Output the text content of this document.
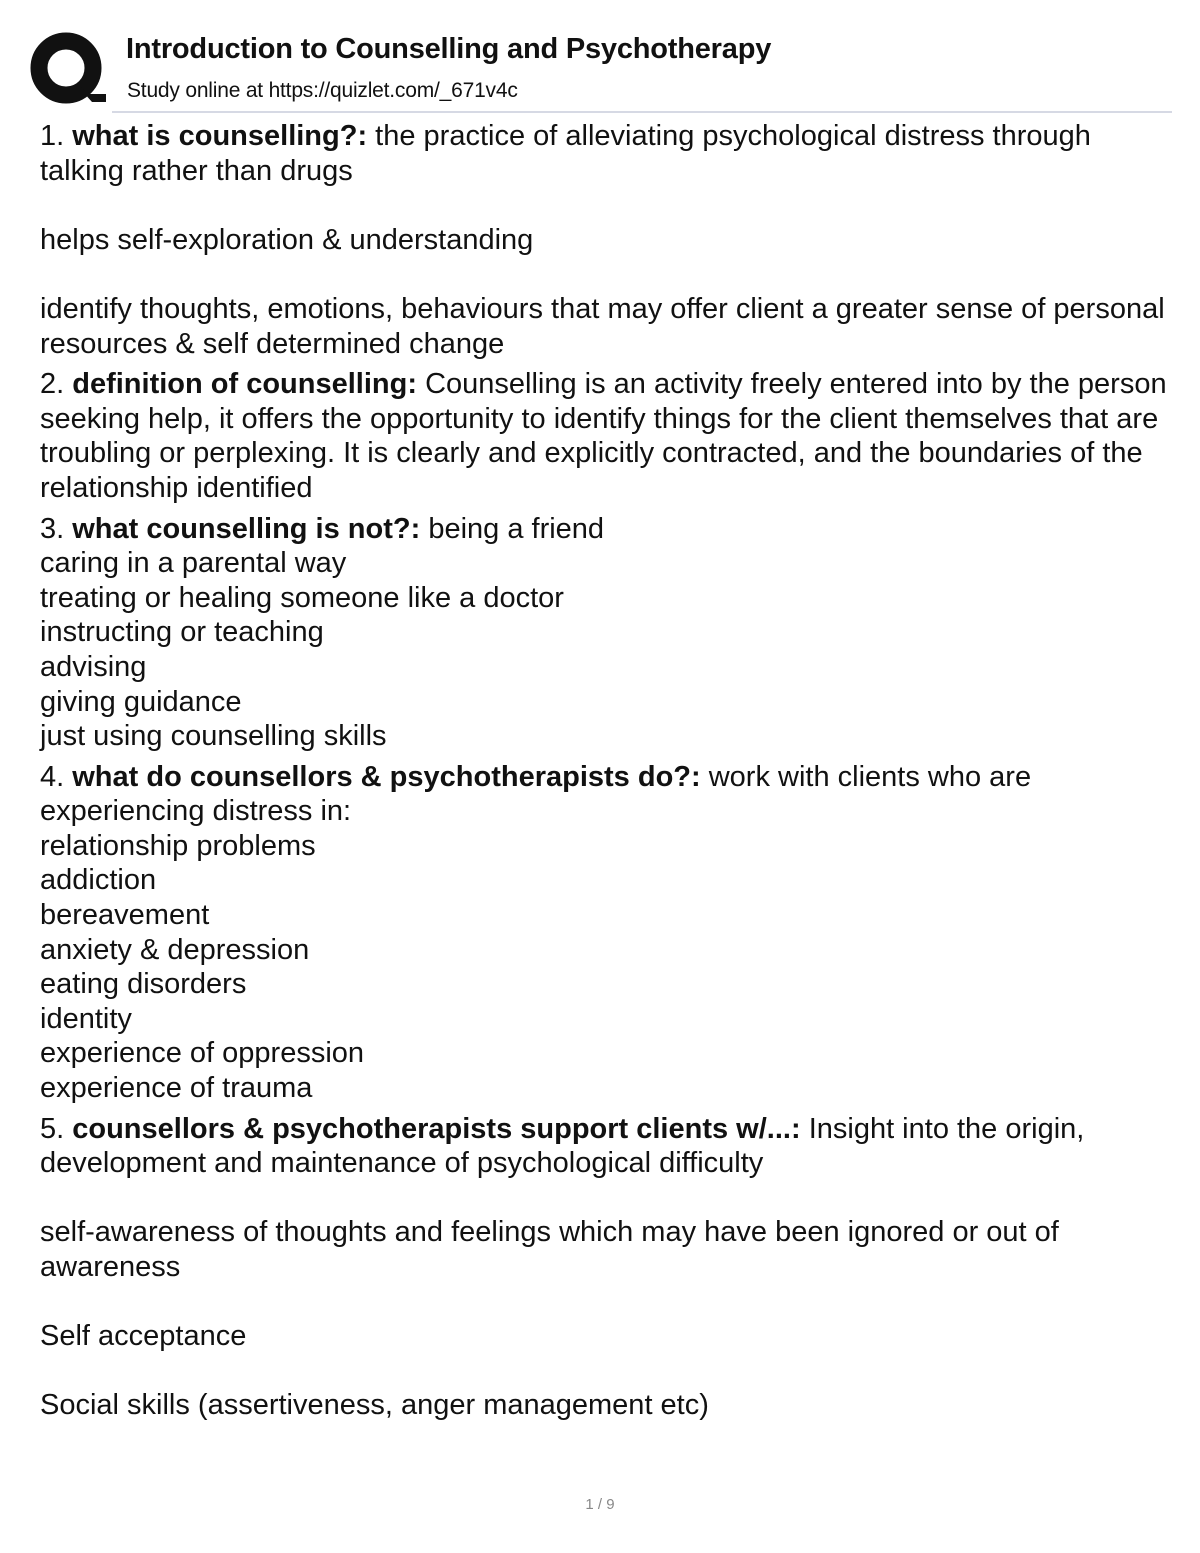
Introduction to Counselling and Psychotherapy
Study online at https://quizlet.com/_671v4c

1. what is counselling?: the practice of alleviating psychological distress through talking rather than drugs

helps self-exploration & understanding

identify thoughts, emotions, behaviours that may offer client a greater sense of personal resources & self determined change

2. definition of counselling: Counselling is an activity freely entered into by the person seeking help, it offers the opportunity to identify things for the client themselves that are troubling or perplexing. It is clearly and explicitly contracted, and the boundaries of the relationship identified

3. what counselling is not?: being a friend

caring in a parental way

treating or healing someone like a doctor

instructing or teaching

advising

giving guidance

just using counselling skills

4. what do counsellors & psychotherapists do?: work with clients who are experiencing distress in:

relationship problems

addiction

bereavement

anxiety & depression

eating disorders

identity

experience of oppression

experience of trauma

5. counsellors & psychotherapists support clients w/...: Insight into the origin, development and maintenance of psychological difficulty

self-awareness of thoughts and feelings which may have been ignored or out of awareness

Self acceptance

Social skills (assertiveness, anger management etc)

1 / 9
